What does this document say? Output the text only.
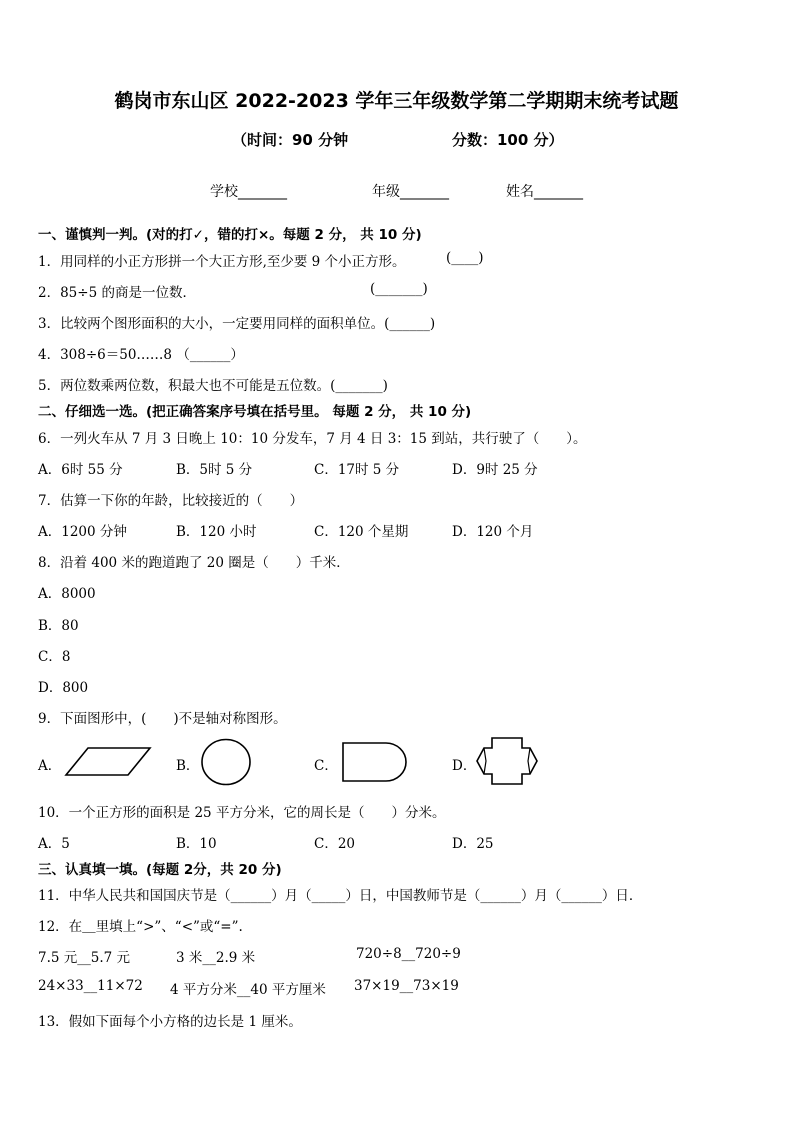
鹤岗市东山区 2022-2023 学年三年级数学第二学期期末统考试题
（时间：90 分钟	分数：100 分）
学校_______	年级_______	姓名_______
一、谨慎判一判。(对的打✓，错的打×。每题 2 分， 共 10 分)
1．用同样的小正方形拼一个大正方形,至少要 9 个小正方形。	(____)
2．85÷5 的商是一位数．	(_______)
3．比较两个图形面积的大小，一定要用同样的面积单位。(______)
4．308÷6＝50……8 （______）
5．两位数乘两位数，积最大也不可能是五位数。(_______)
二、仔细选一选。(把正确答案序号填在括号里。 每题 2 分， 共 10 分)
6．一列火车从 7 月 3 日晚上 10：10 分发车，7 月 4 日 3：15 到站，共行驶了（　　）。
A．6时 55 分	B．5时 5 分	C．17时 5 分	D．9时 25 分
7．估算一下你的年龄，比较接近的（　　）
A．1200 分钟	B．120 小时	C．120 个星期	D．120 个月
8．沿着 400 米的跑道跑了 20 圈是（　　）千米．
A．8000
B．80
C．8
D．800
9．下面图形中，(　　)不是轴对称图形。
A．	B．	C．	D．
10．一个正方形的面积是 25 平方分米，它的周长是（　　）分米。
A．5	B．10	C．20	D．25
三、认真填一填。(每题 2分，共 20 分)
11．中华人民共和国国庆节是（______）月（_____）日，中国教师节是（______）月（______）日．
12．在＿里填上“>”、“<”或“=”.
7.5 元__5.7 元	3 米__2.9 米	720÷8__720÷9
24×33__11×72 4 平方分米__40 平方厘米 37×19__73×19
13．假如下面每个小方格的边长是 1 厘米。
